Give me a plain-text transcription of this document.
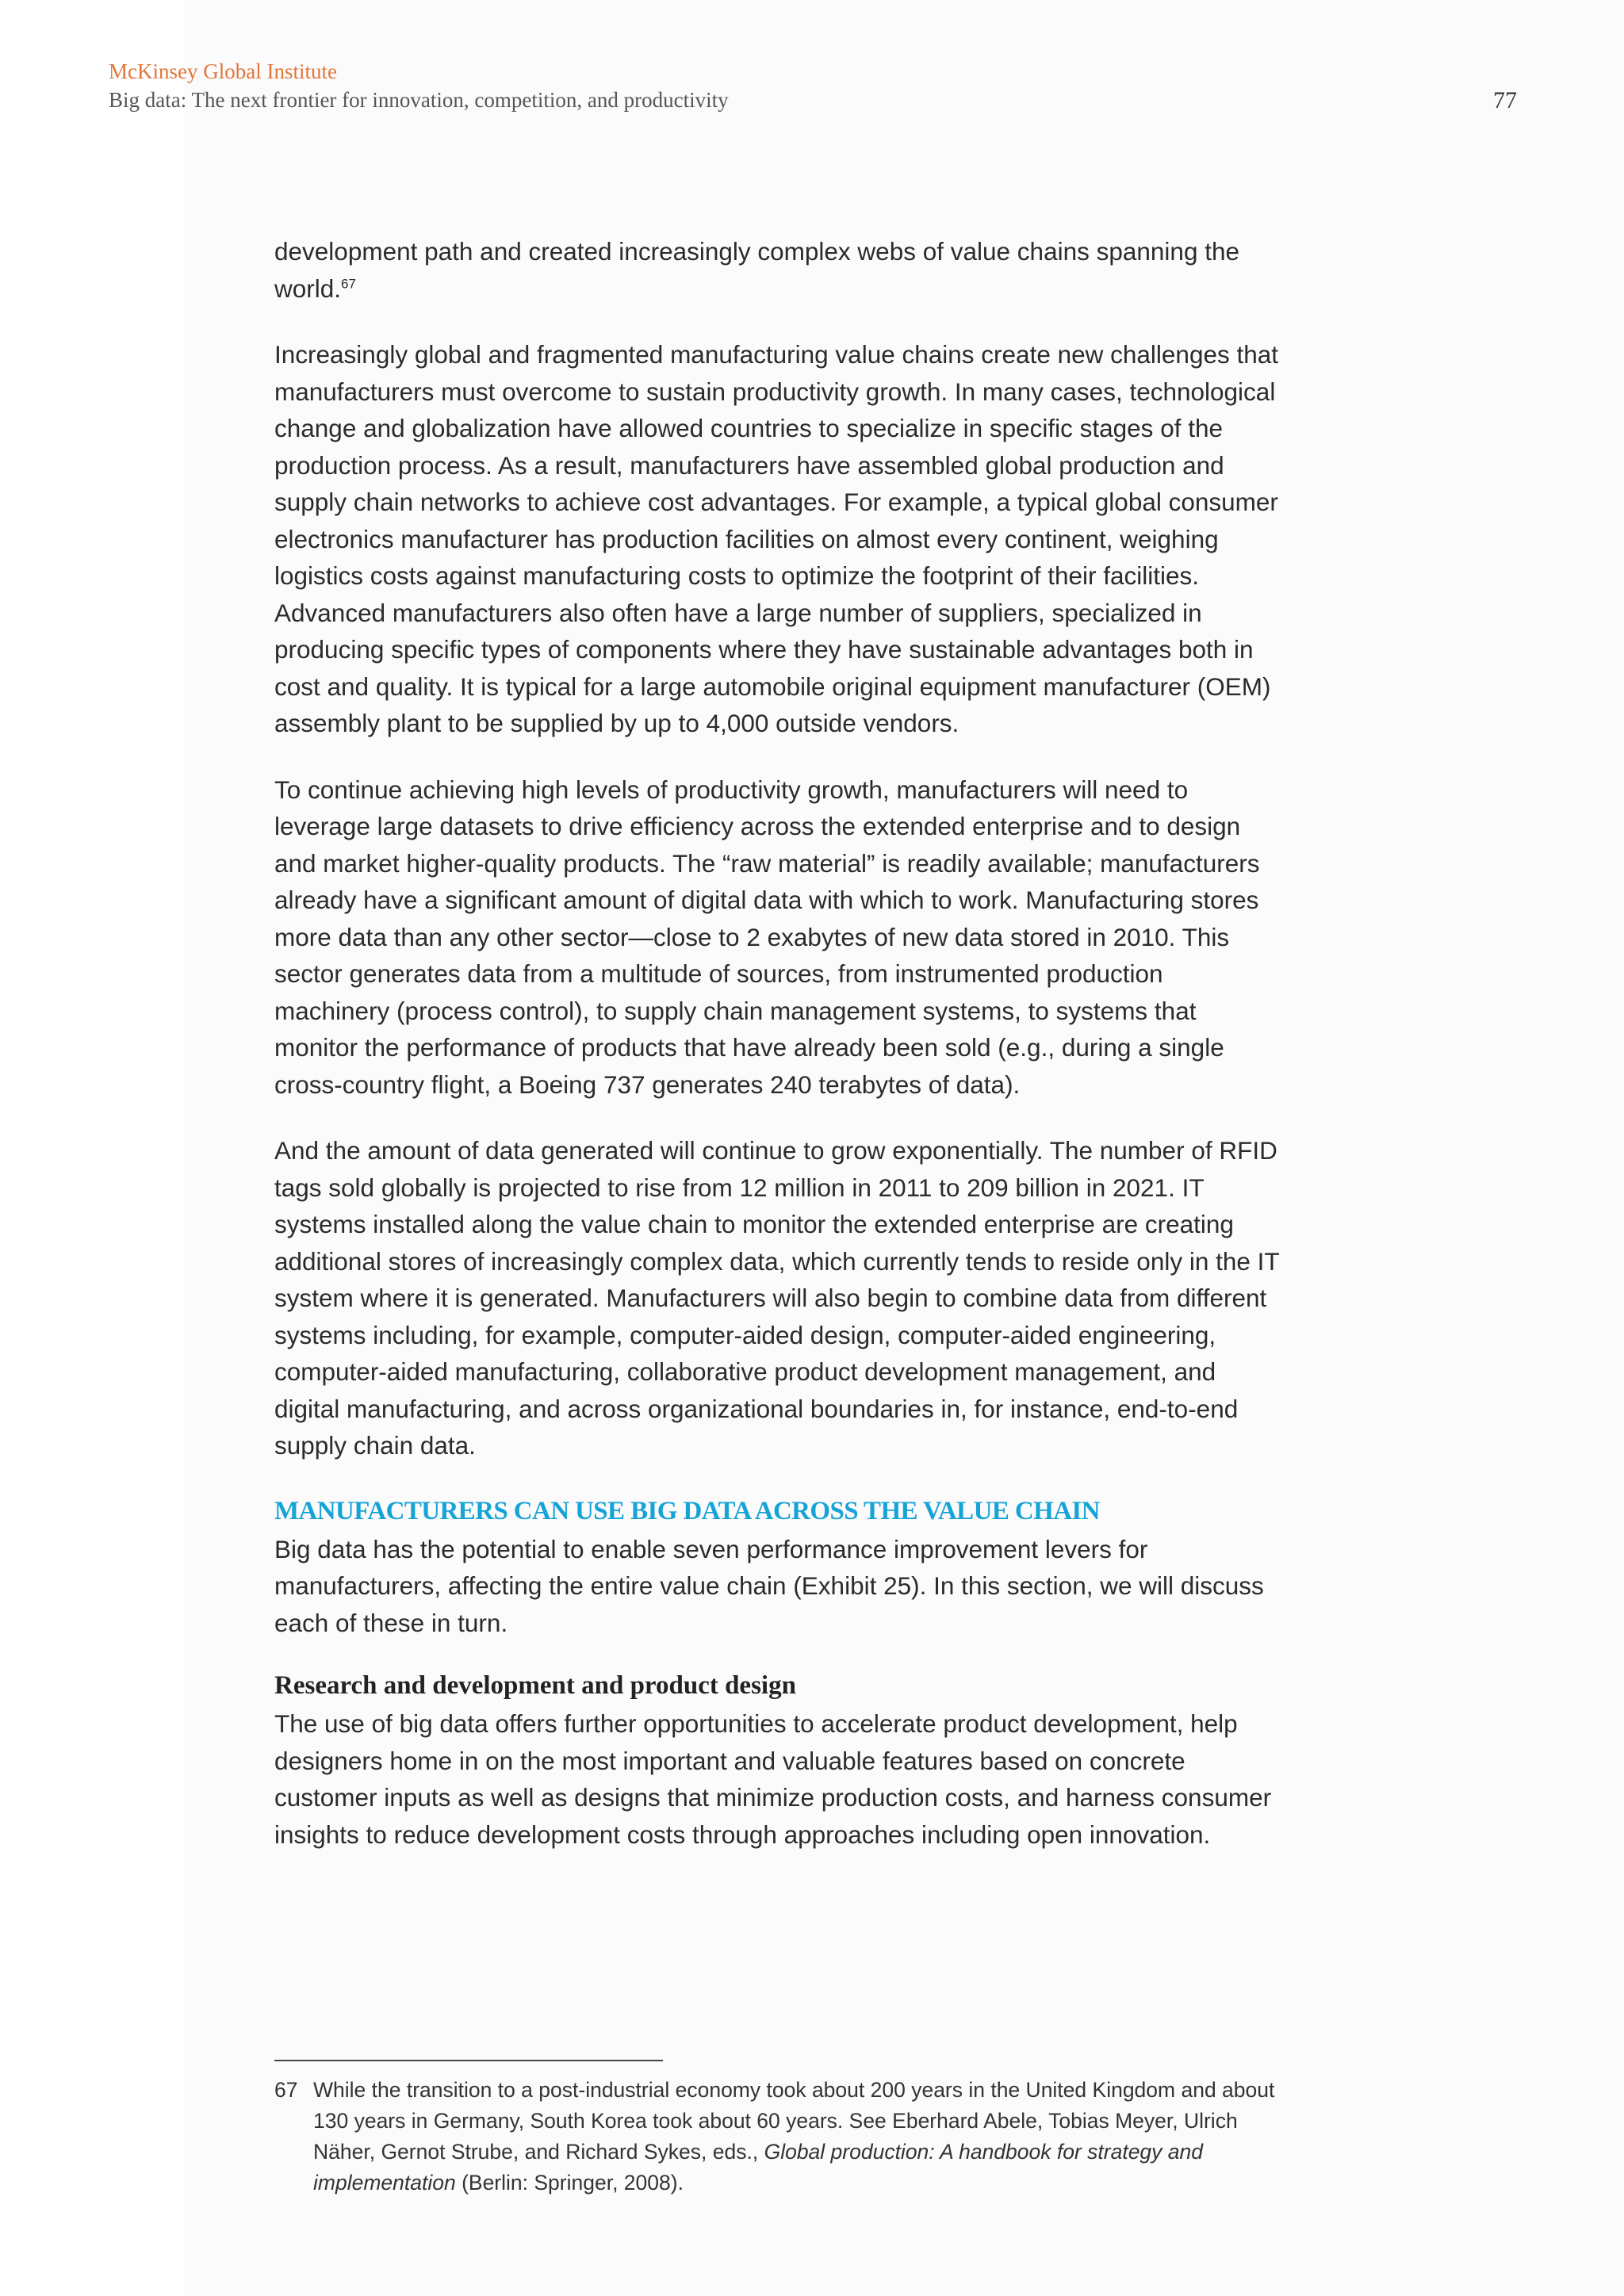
McKinsey Global Institute
Big data: The next frontier for innovation, competition, and productivity	77

development path and created increasingly complex webs of value chains spanning the world.$^{67}$

Increasingly global and fragmented manufacturing value chains create new challenges that manufacturers must overcome to sustain productivity growth. In many cases, technological change and globalization have allowed countries to specialize in specific stages of the production process. As a result, manufacturers have assembled global production and supply chain networks to achieve cost advantages. For example, a typical global consumer electronics manufacturer has production facilities on almost every continent, weighing logistics costs against manufacturing costs to optimize the footprint of their facilities. Advanced manufacturers also often have a large number of suppliers, specialized in producing specific types of components where they have sustainable advantages both in cost and quality. It is typical for a large automobile original equipment manufacturer (OEM) assembly plant to be supplied by up to 4,000 outside vendors.

To continue achieving high levels of productivity growth, manufacturers will need to leverage large datasets to drive efficiency across the extended enterprise and to design and market higher-quality products. The “raw material” is readily available; manufacturers already have a significant amount of digital data with which to work. Manufacturing stores more data than any other sector—close to 2 exabytes of new data stored in 2010. This sector generates data from a multitude of sources, from instrumented production machinery (process control), to supply chain management systems, to systems that monitor the performance of products that have already been sold (e.g., during a single cross-country flight, a Boeing 737 generates 240 terabytes of data).

And the amount of data generated will continue to grow exponentially. The number of RFID tags sold globally is projected to rise from 12 million in 2011 to 209 billion in 2021. IT systems installed along the value chain to monitor the extended enterprise are creating additional stores of increasingly complex data, which currently tends to reside only in the IT system where it is generated. Manufacturers will also begin to combine data from different systems including, for example, computer-aided design, computer-aided engineering, computer-aided manufacturing, collaborative product development management, and digital manufacturing, and across organizational boundaries in, for instance, end-to-end supply chain data.

MANUFACTURERS CAN USE BIG DATA ACROSS THE VALUE CHAIN

Big data has the potential to enable seven performance improvement levers for manufacturers, affecting the entire value chain (Exhibit 25). In this section, we will discuss each of these in turn.

Research and development and product design

The use of big data offers further opportunities to accelerate product development, help designers home in on the most important and valuable features based on concrete customer inputs as well as designs that minimize production costs, and harness consumer insights to reduce development costs through approaches including open innovation.

67 While the transition to a post-industrial economy took about 200 years in the United Kingdom and about 130 years in Germany, South Korea took about 60 years. See Eberhard Abele, Tobias Meyer, Ulrich Näher, Gernot Strube, and Richard Sykes, eds., Global production: A handbook for strategy and implementation (Berlin: Springer, 2008).
